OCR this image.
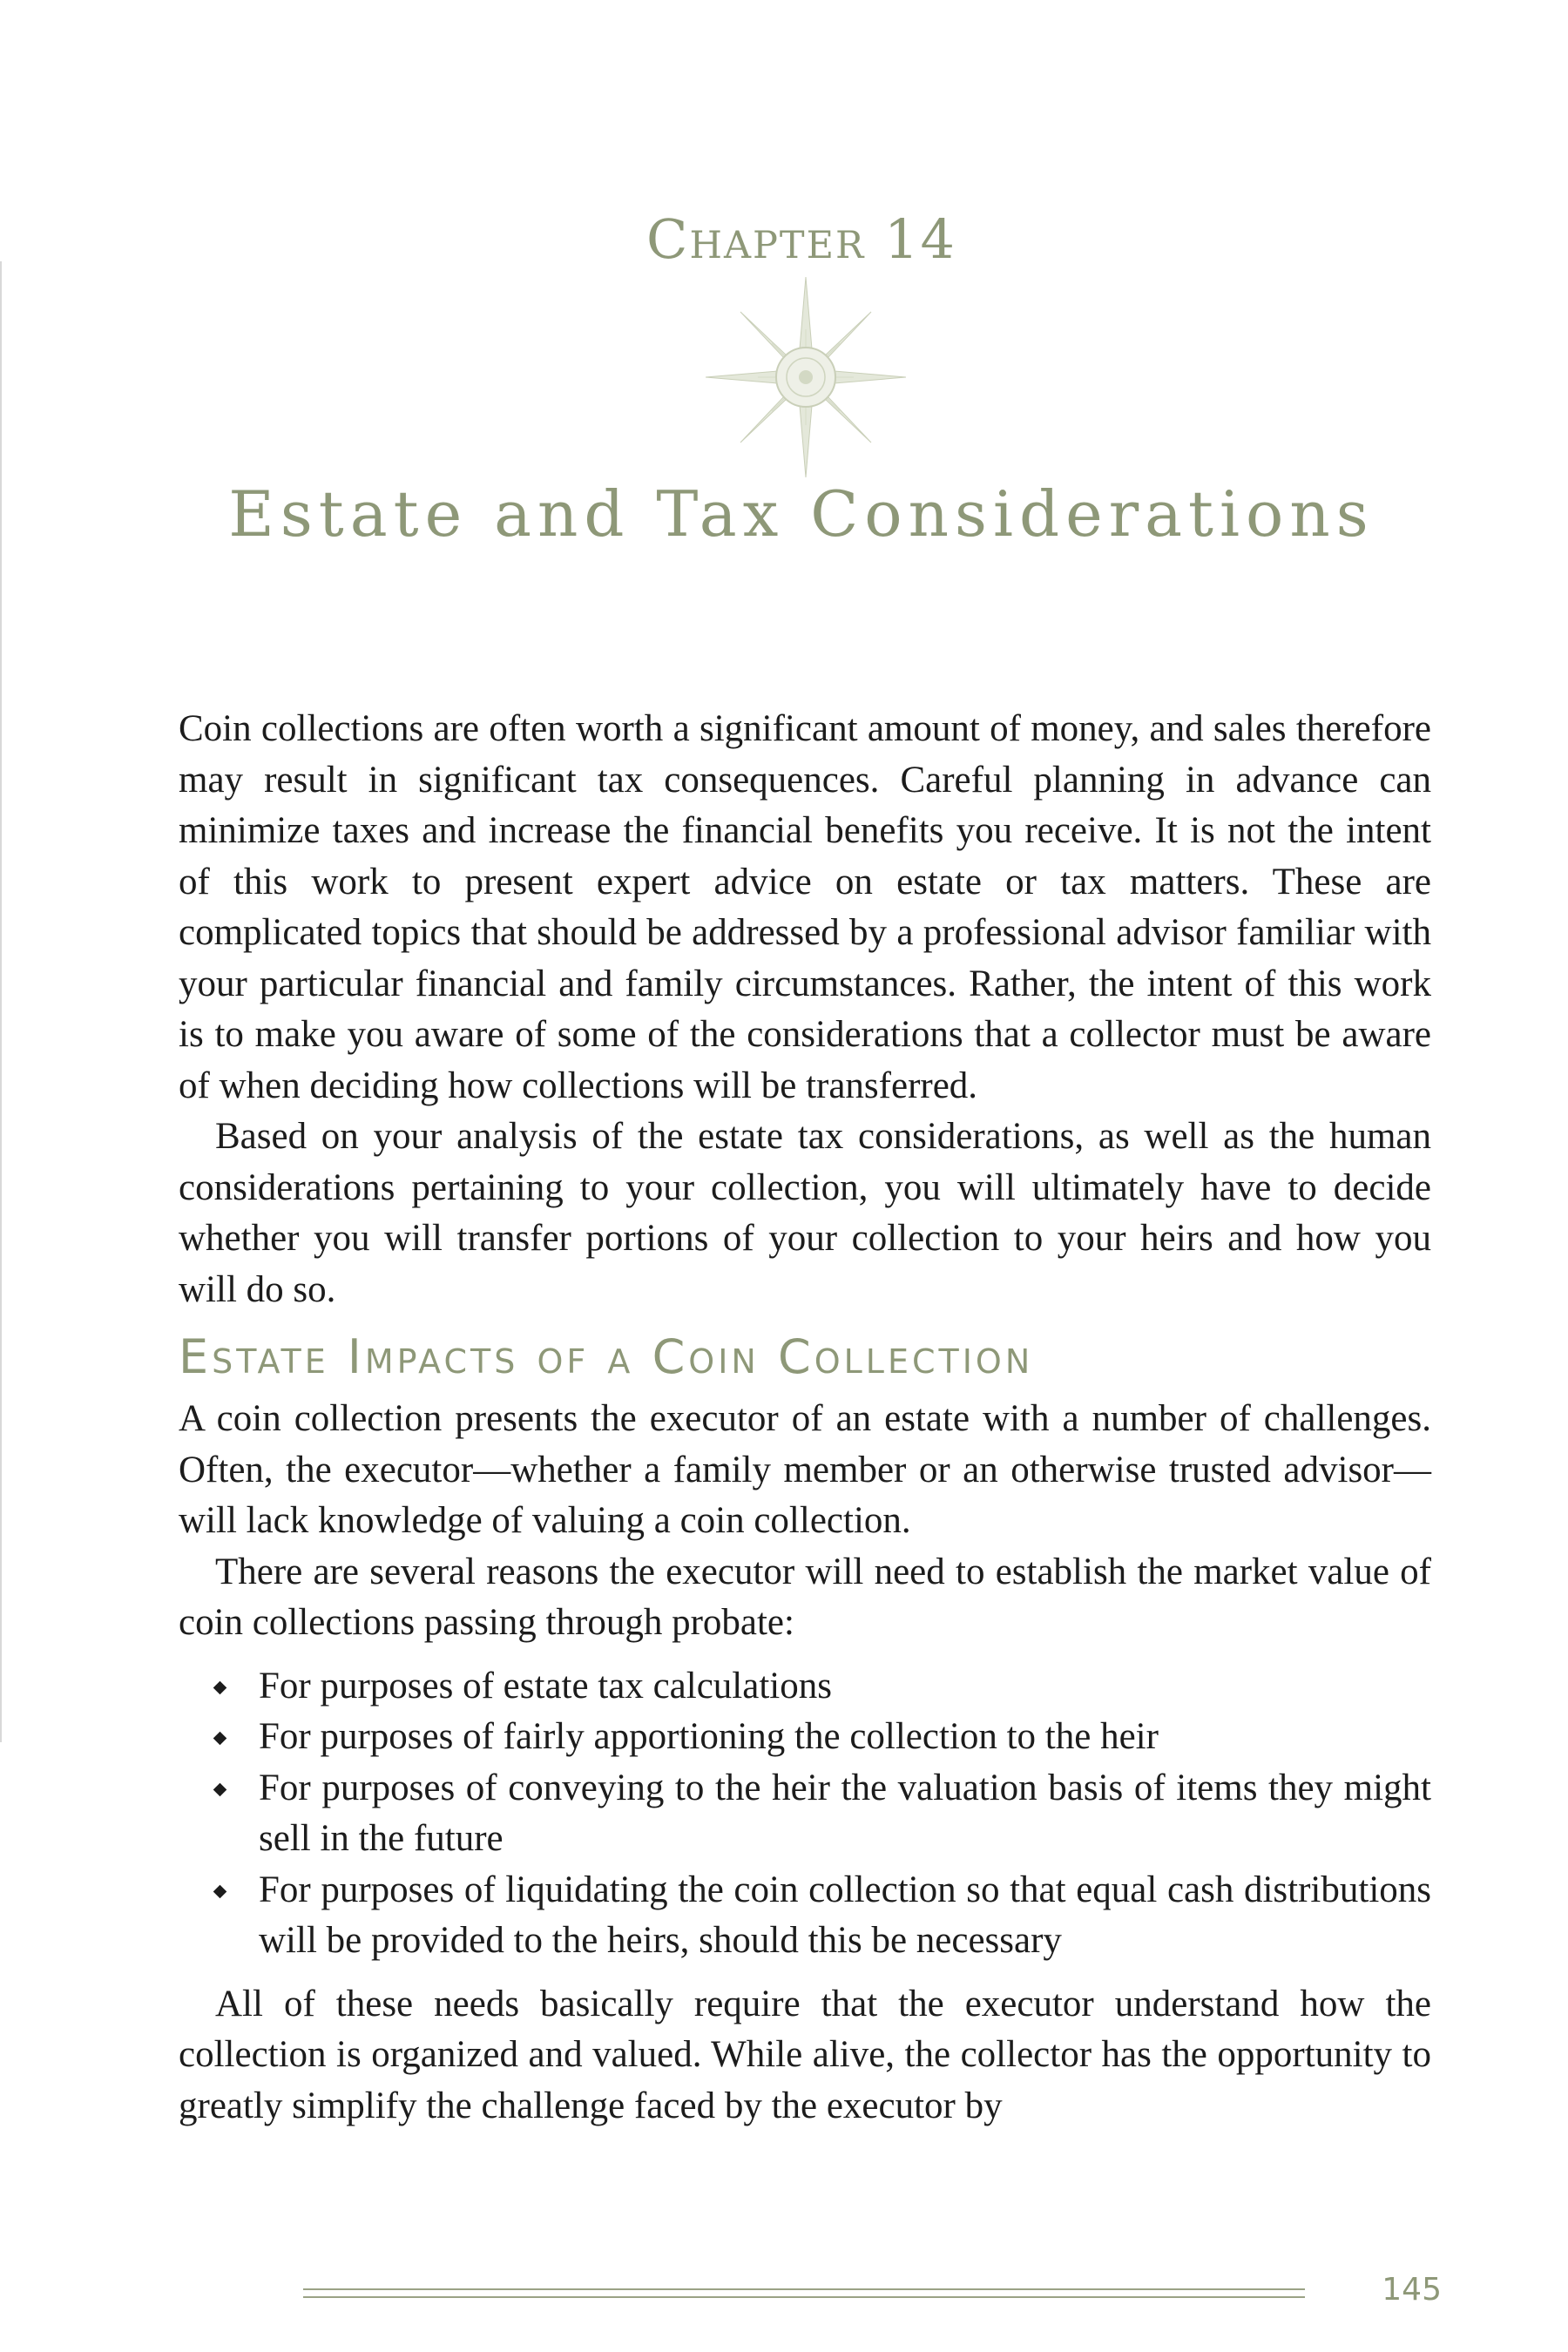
Chapter 14
Estate and Tax Considerations

Coin collections are often worth a significant amount of money, and sales therefore may result in significant tax consequences. Careful planning in advance can minimize taxes and increase the financial benefits you receive. It is not the intent of this work to present expert advice on estate or tax matters. These are complicated topics that should be addressed by a professional advisor familiar with your particular financial and family circumstances. Rather, the intent of this work is to make you aware of some of the considerations that a collector must be aware of when deciding how collections will be transferred.

Based on your analysis of the estate tax considerations, as well as the human considerations pertaining to your collection, you will ultimately have to decide whether you will transfer portions of your collection to your heirs and how you will do so.

Estate Impacts of a Coin Collection

A coin collection presents the executor of an estate with a number of challenges. Often, the executor—whether a family member or an otherwise trusted advisor—will lack knowledge of valuing a coin collection.

There are several reasons the executor will need to establish the market value of coin collections passing through probate:

For purposes of estate tax calculations
For purposes of fairly apportioning the collection to the heir
For purposes of conveying to the heir the valuation basis of items they might sell in the future
For purposes of liquidating the coin collection so that equal cash distributions will be provided to the heirs, should this be necessary

All of these needs basically require that the executor understand how the collection is organized and valued. While alive, the collector has the opportunity to greatly simplify the challenge faced by the executor by

145
